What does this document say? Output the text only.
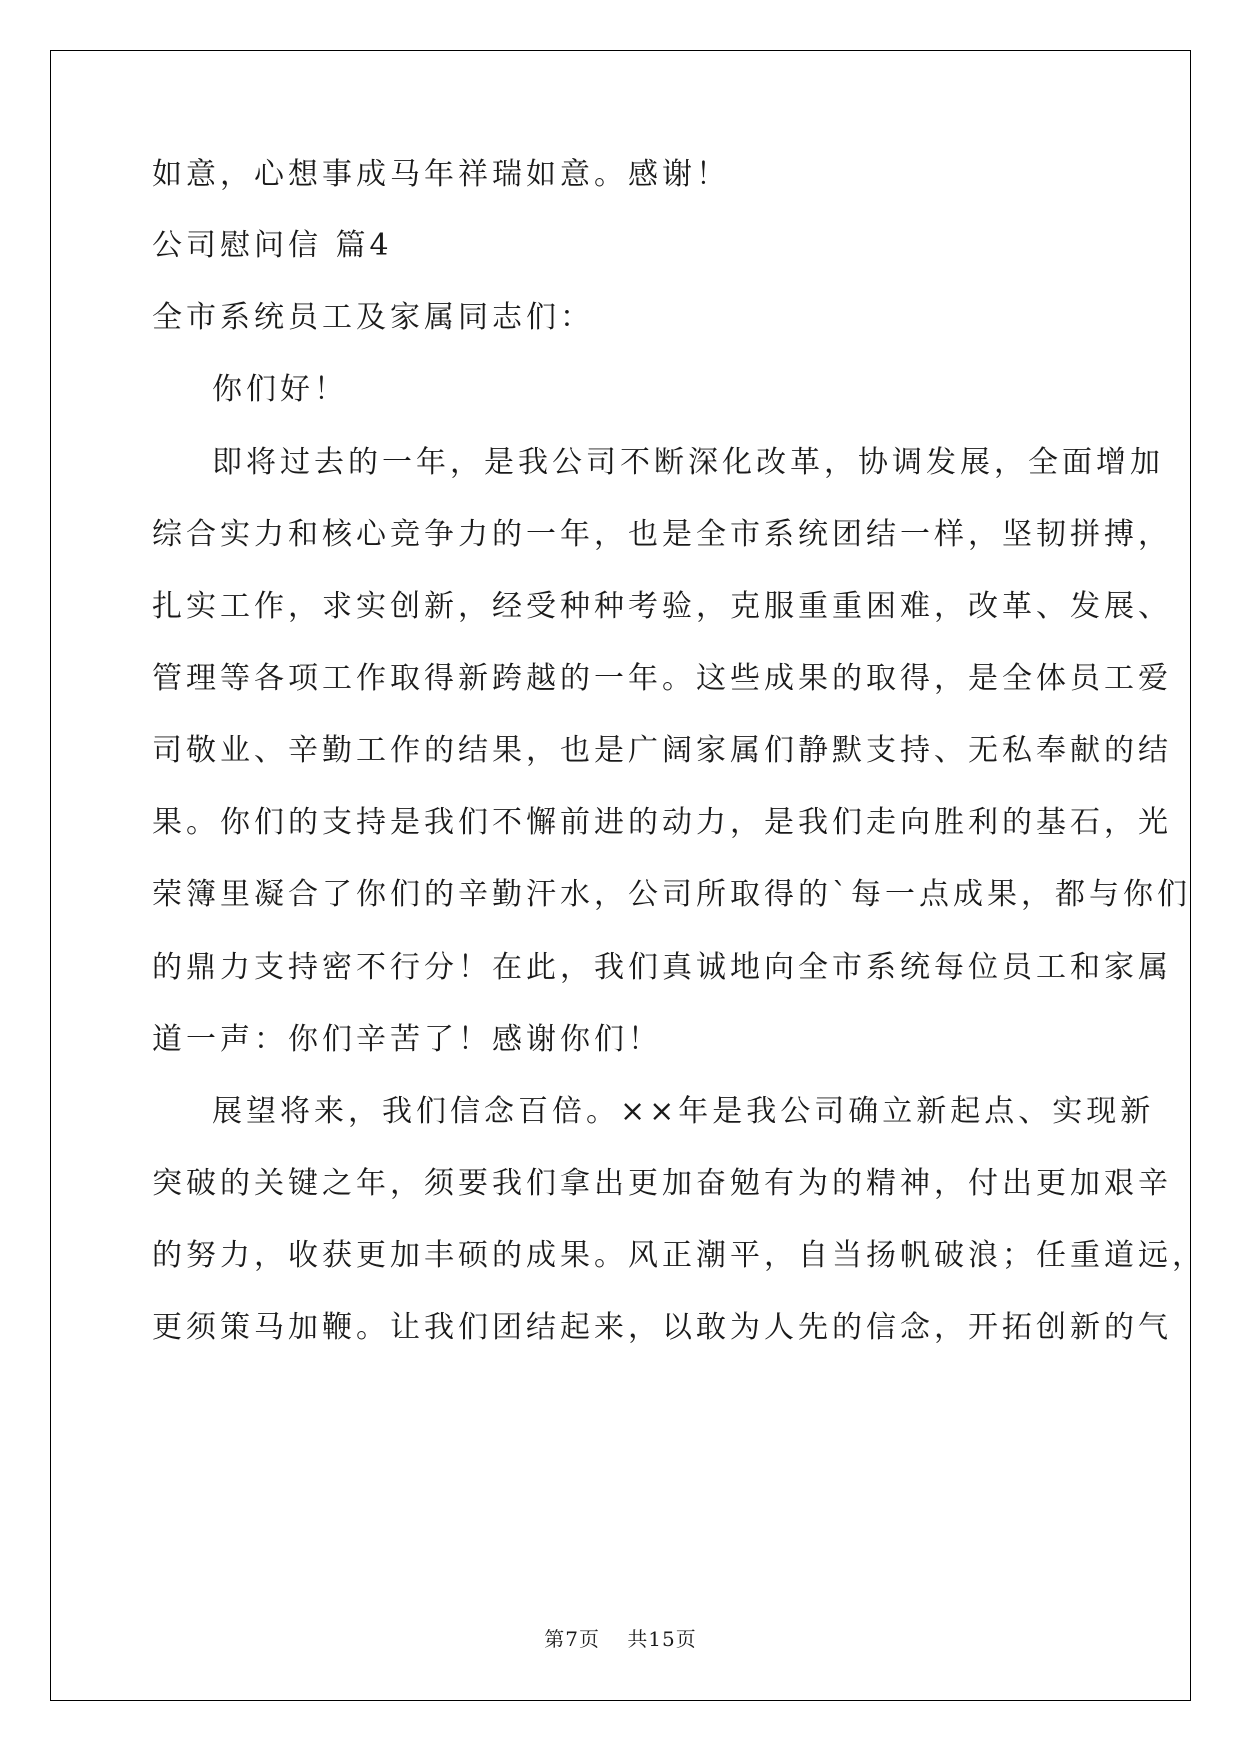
如意，心想事成马年祥瑞如意。感谢！
公司慰问信 篇4
全市系统员工及家属同志们：
你们好！
即将过去的一年，是我公司不断深化改革，协调发展，全面增加
综合实力和核心竞争力的一年，也是全市系统团结一样，坚韧拼搏，
扎实工作，求实创新，经受种种考验，克服重重困难，改革、发展、
管理等各项工作取得新跨越的一年。这些成果的取得，是全体员工爱
司敬业、辛勤工作的结果，也是广阔家属们静默支持、无私奉献的结
果。你们的支持是我们不懈前进的动力，是我们走向胜利的基石，光
荣簿里凝合了你们的辛勤汗水，公司所取得的`每一点成果，都与你们
的鼎力支持密不行分！在此，我们真诚地向全市系统每位员工和家属
道一声：你们辛苦了！感谢你们！
展望将来，我们信念百倍。××年是我公司确立新起点、实现新
突破的关键之年，须要我们拿出更加奋勉有为的精神，付出更加艰辛
的努力，收获更加丰硕的成果。风正潮平，自当扬帆破浪；任重道远，
更须策马加鞭。让我们团结起来，以敢为人先的信念，开拓创新的气
第7页 共15页
